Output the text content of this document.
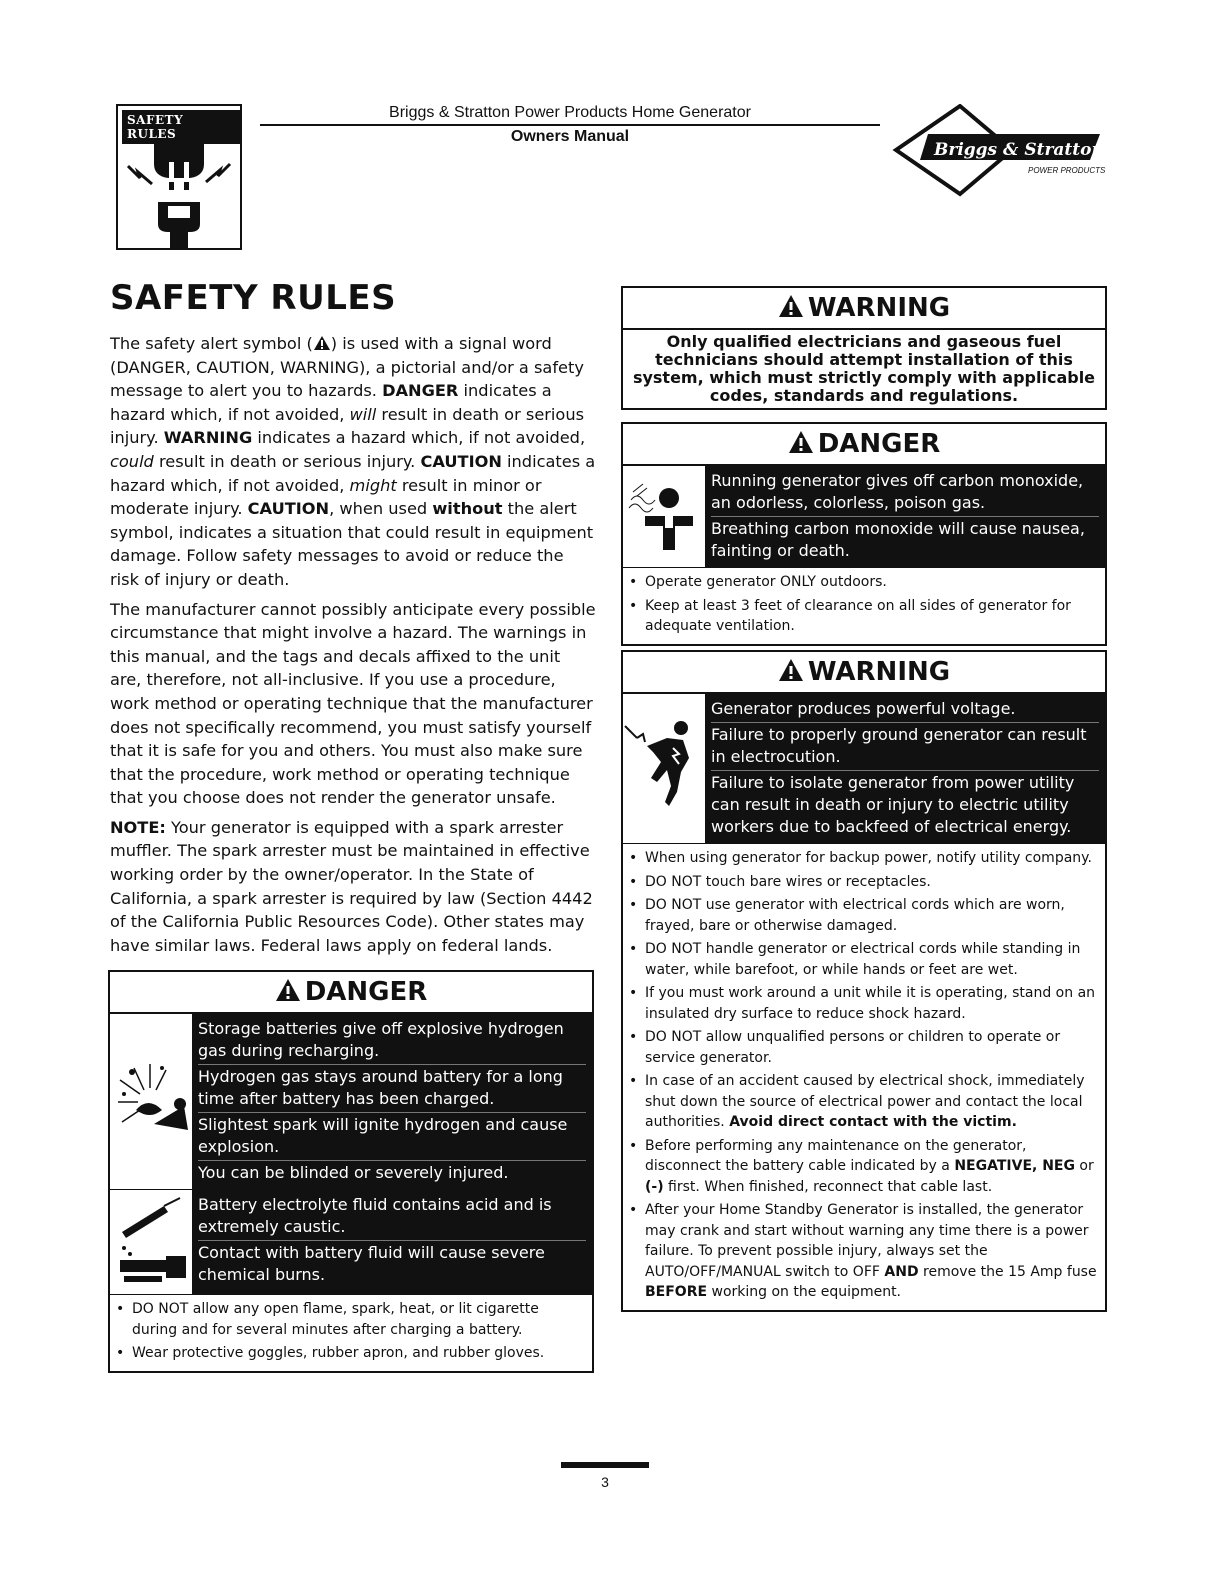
SAFETY RULES
Briggs & Stratton Power Products Home Generator
Owners Manual
Briggs & Stratton
POWER PRODUCTS
SAFETY RULES

The safety alert symbol ( ) is used with a signal word (DANGER, CAUTION, WARNING), a pictorial and/or a safety message to alert you to hazards. DANGER indicates a hazard which, if not avoided, will result in death or serious injury. WARNING indicates a hazard which, if not avoided, could result in death or serious injury. CAUTION indicates a hazard which, if not avoided, might result in minor or moderate injury. CAUTION, when used without the alert symbol, indicates a situation that could result in equipment damage. Follow safety messages to avoid or reduce the risk of injury or death.

The manufacturer cannot possibly anticipate every possible circumstance that might involve a hazard. The warnings in this manual, and the tags and decals affixed to the unit are, therefore, not all-inclusive. If you use a procedure, work method or operating technique that the manufacturer does not specifically recommend, you must satisfy yourself that it is safe for you and others. You must also make sure that the procedure, work method or operating technique that you choose does not render the generator unsafe.

NOTE: Your generator is equipped with a spark arrester muffler. The spark arrester must be maintained in effective working order by the owner/operator. In the State of California, a spark arrester is required by law (Section 4442 of the California Public Resources Code). Other states may have similar laws. Federal laws apply on federal lands.

DANGER
Storage batteries give off explosive hydrogen gas during recharging.
Hydrogen gas stays around battery for a long time after battery has been charged.
Slightest spark will ignite hydrogen and cause explosion.
You can be blinded or severely injured.
Battery electrolyte fluid contains acid and is extremely caustic.
Contact with battery fluid will cause severe chemical burns.
• DO NOT allow any open flame, spark, heat, or lit cigarette during and for several minutes after charging a battery.
• Wear protective goggles, rubber apron, and rubber gloves.
WARNING
Only qualified electricians and gaseous fuel technicians should attempt installation of this system, which must strictly comply with applicable codes, standards and regulations.
DANGER
Running generator gives off carbon monoxide, an odorless, colorless, poison gas.
Breathing carbon monoxide will cause nausea, fainting or death.
• Operate generator ONLY outdoors.
• Keep at least 3 feet of clearance on all sides of generator for adequate ventilation.
WARNING
Generator produces powerful voltage.
Failure to properly ground generator can result in electrocution.
Failure to isolate generator from power utility can result in death or injury to electric utility workers due to backfeed of electrical energy.
• When using generator for backup power, notify utility company.
• DO NOT touch bare wires or receptacles.
• DO NOT use generator with electrical cords which are worn, frayed, bare or otherwise damaged.
• DO NOT handle generator or electrical cords while standing in water, while barefoot, or while hands or feet are wet.
• If you must work around a unit while it is operating, stand on an insulated dry surface to reduce shock hazard.
• DO NOT allow unqualified persons or children to operate or service generator.
• In case of an accident caused by electrical shock, immediately shut down the source of electrical power and contact the local authorities. Avoid direct contact with the victim.
• Before performing any maintenance on the generator, disconnect the battery cable indicated by a NEGATIVE, NEG or (-) first. When finished, reconnect that cable last.
• After your Home Standby Generator is installed, the generator may crank and start without warning any time there is a power failure. To prevent possible injury, always set the AUTO/OFF/MANUAL switch to OFF AND remove the 15 Amp fuse BEFORE working on the equipment.
3
